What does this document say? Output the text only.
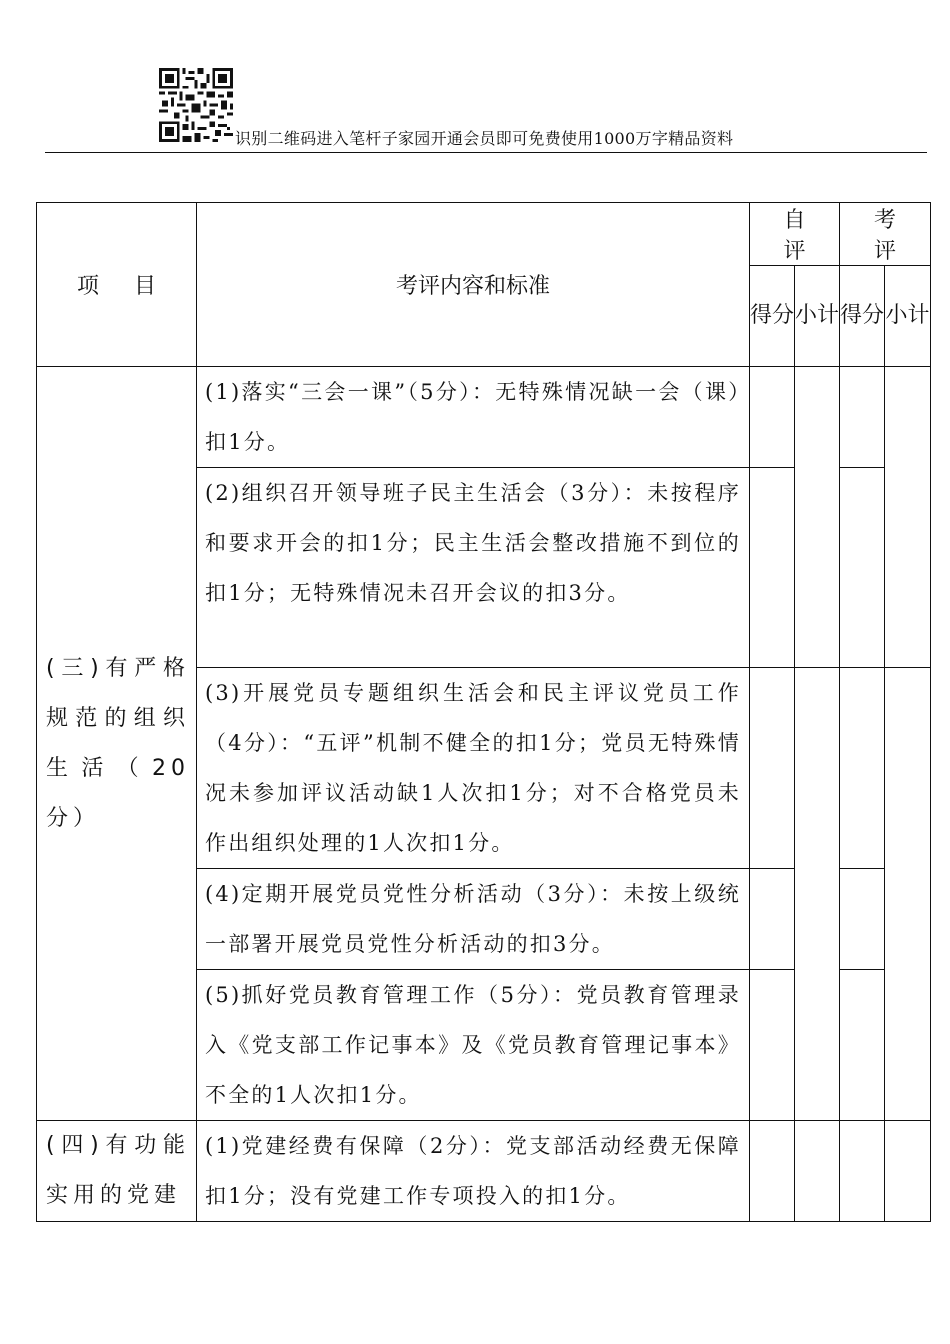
识别二维码进入笔杆子家园开通会员即可免费使用1000万字精品资料
项 目	考评内容和标准	自 评		考 评	
		得分	小计	得分	小计
(三)有严格规范的组织生活（20分）	(1)落实“三会一课”（5分）：无特殊情况缺一会（课）扣1分。				
	(2)组织召开领导班子民主生活会（3分）：未按程序和要求开会的扣1分；民主生活会整改措施不到位的扣1分；无特殊情况未召开会议的扣3分。				
	(3)开展党员专题组织生活会和民主评议党员工作（4分）：“五评”机制不健全的扣1分；党员无特殊情况未参加评议活动缺1人次扣1分；对不合格党员未作出组织处理的1人次扣1分。				
	(4)定期开展党员党性分析活动（3分）：未按上级统一部署开展党员党性分析活动的扣3分。				
	(5)抓好党员教育管理工作（5分）：党员教育管理录入《党支部工作记事本》及《党员教育管理记事本》不全的1人次扣1分。				
(四)有功能实用的党建	(1)党建经费有保障（2分）：党支部活动经费无保障扣1分；没有党建工作专项投入的扣1分。				
